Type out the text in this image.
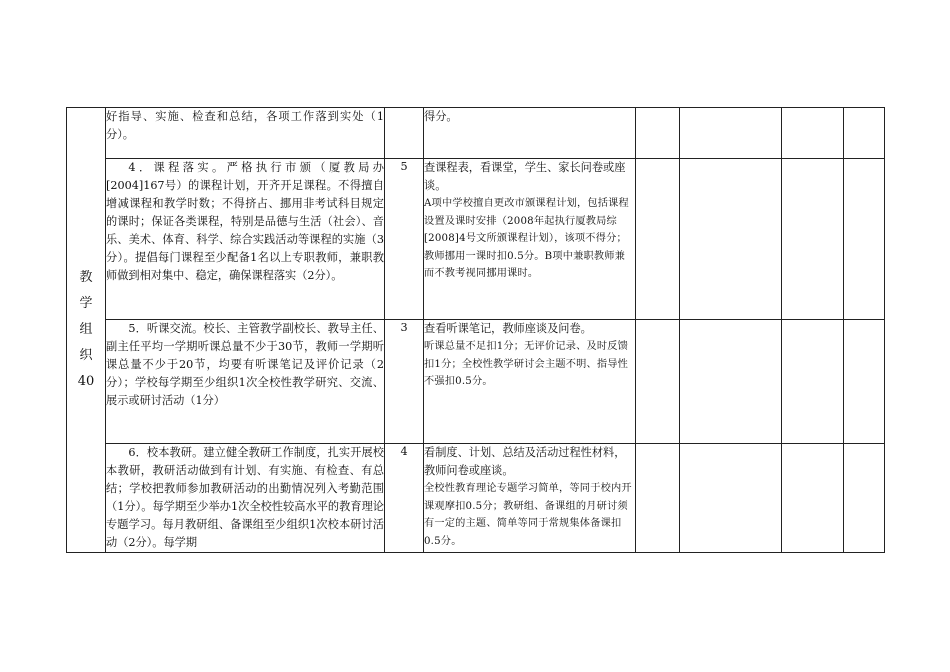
教
学
组
织
40	好指导、实施、检查和总结，各项工作落到实处（1分）。		得分。				

	4．课程落实。严格执行市颁（厦教局办[2004]167号）的课程计划，开齐开足课程。不得擅自增减课程和教学时数；不得挤占、挪用非考试科目规定的课时；保证各类课程，特别是品德与生活（社会）、音乐、美术、体育、科学、综合实践活动等课程的实施（3分）。提倡每门课程至少配备1名以上专职教师，兼职教师做到相对集中、稳定，确保课程落实（2分）。	5	查课程表，看课堂，学生、家长问卷或座谈。
A项中学校擅自更改市颁课程计划，包括课程设置及课时安排（2008年起执行厦教局综[2008]4号文所颁课程计划），该项不得分；教师挪用一课时扣0.5分。B项中兼职教师兼而不教考视同挪用课时。				

	5．听课交流。校长、主管教学副校长、教导主任、副主任平均一学期听课总量不少于30节，教师一学期听课总量不少于20节，均要有听课笔记及评价记录（2分）；学校每学期至少组织1次全校性教学研究、交流、展示或研讨活动（1分）	3	查看听课笔记，教师座谈及问卷。
听课总量不足扣1分；无评价记录、及时反馈扣1分；全校性教学研讨会主题不明、指导性不强扣0.5分。				

	6．校本教研。建立健全教研工作制度，扎实开展校本教研，教研活动做到有计划、有实施、有检查、有总结；学校把教师参加教研活动的出勤情况列入考勤范围（1分）。每学期至少举办1次全校性较高水平的教育理论专题学习。每月教研组、备课组至少组织1次校本研讨活动（2分）。每学期	4	看制度、计划、总结及活动过程性材料，教师问卷或座谈。
全校性教育理论专题学习简单，等同于校内开课观摩扣0.5分；教研组、备课组的月研讨须有一定的主题、简单等同于常规集体备课扣0.5分。				
